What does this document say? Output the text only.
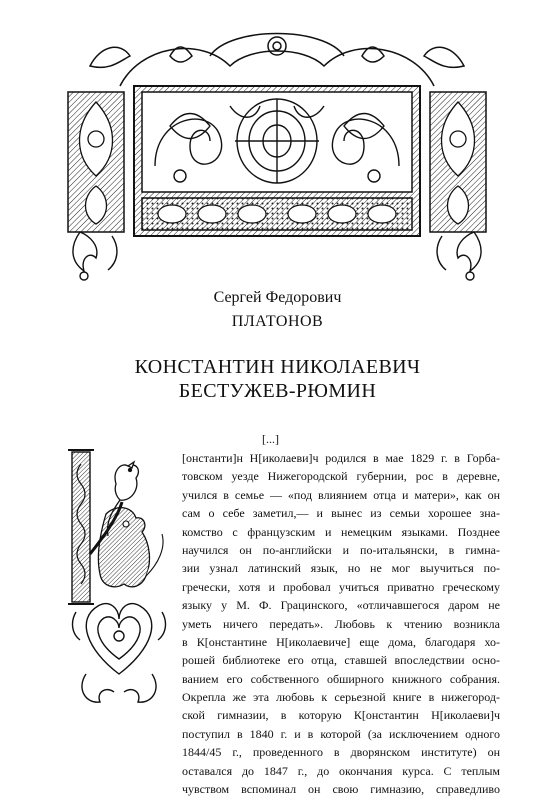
Сергей Федорович
ПЛАТОНОВ
КОНСТАНТИН НИКОЛАЕВИЧ
БЕСТУЖЕВ-РЮМИН
[...]
[онстанти]н Н[иколаеви]ч родился в мае 1829 г. в Горба-
товском уезде Нижегородской губернии, рос в деревне,
учился в семье — «под влиянием отца и матери», как он
сам о себе заметил,— и вынес из семьи хорошее зна-
комство с французским и немецким языками. Позднее
научился он по-английски и по-итальянски, в гимна-
зии узнал латинский язык, но не мог выучиться по-
гречески, хотя и пробовал учиться приватно греческому
языку у М. Ф. Грацинского, «отличавшегося даром не
уметь ничего передать». Любовь к чтению возникла
в К[онстантине Н[иколаевиче] еще дома, благодаря хо-
рошей библиотеке его отца, ставшей впоследствии осно-
ванием его собственного обширного книжного собрания.
Окрепла же эта любовь к серьезной книге в нижегород-
ской гимназии, в которую К[онстантин Н[иколаеви]ч
поступил в 1840 г. и в которой (за исключением одного
1844/45 г., проведенного в дворянском институте) он
оставался до 1847 г., до окончания курса. С теплым
чувством вспоминал он свою гимназию, справедливо
